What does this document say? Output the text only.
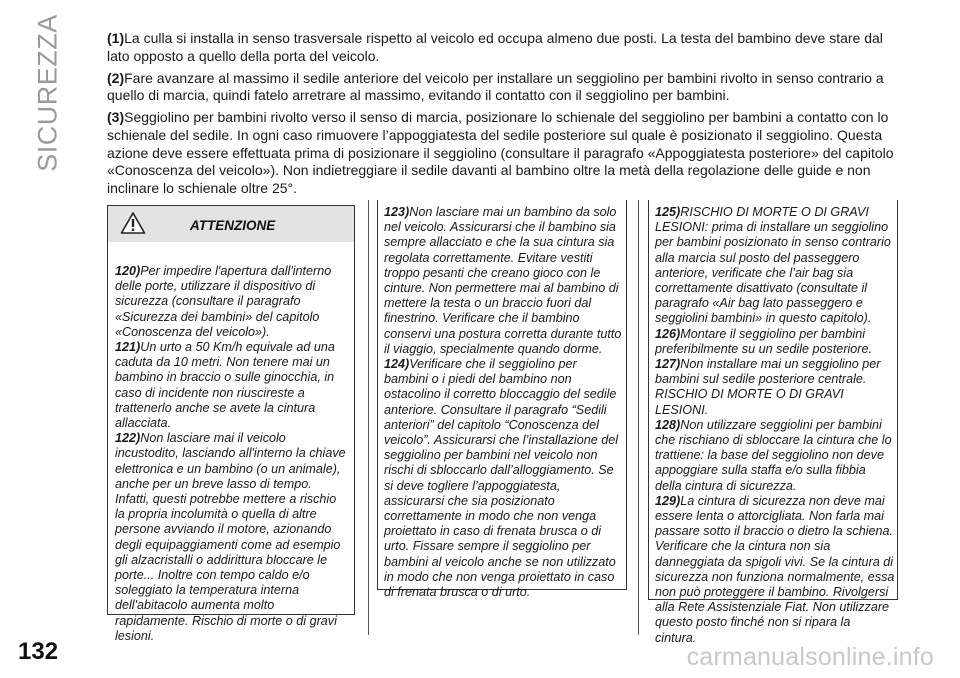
SICUREZZA
132	carmanualsonline.info

(1)La culla si installa in senso trasversale rispetto al veicolo ed occupa almeno due posti. La testa del bambino deve stare dal lato opposto a quello della porta del veicolo.

(2)Fare avanzare al massimo il sedile anteriore del veicolo per installare un seggiolino per bambini rivolto in senso contrario a quello di marcia, quindi fatelo arretrare al massimo, evitando il contatto con il seggiolino per bambini.

(3)Seggiolino per bambini rivolto verso il senso di marcia, posizionare lo schienale del seggiolino per bambini a contatto con lo schienale del sedile. In ogni caso rimuovere l’appoggiatesta del sedile posteriore sul quale è posizionato il seggiolino. Questa azione deve essere effettuata prima di posizionare il seggiolino (consultare il paragrafo «Appoggiatesta posteriore» del capitolo «Conoscenza del veicolo»). Non indietreggiare il sedile davanti al bambino oltre la metà della regolazione delle guide e non inclinare lo schienale oltre 25°.

ATTENZIONE

120)Per impedire l'apertura dall'interno delle porte, utilizzare il dispositivo di sicurezza (consultare il paragrafo «Sicurezza dei bambini» del capitolo «Conoscenza del veicolo»).

121)Un urto a 50 Km/h equivale ad una caduta da 10 metri. Non tenere mai un bambino in braccio o sulle ginocchia, in caso di incidente non riuscireste a trattenerlo anche se avete la cintura allacciata.

122)Non lasciare mai il veicolo incustodito, lasciando all'interno la chiave elettronica e un bambino (o un animale), anche per un breve lasso di tempo. Infatti, questi potrebbe mettere a rischio la propria incolumità o quella di altre persone avviando il motore, azionando degli equipaggiamenti come ad esempio gli alzacristalli o addirittura bloccare le porte... Inoltre con tempo caldo e/o soleggiato la temperatura interna dell'abitacolo aumenta molto rapidamente. Rischio di morte o di gravi lesioni.

123)Non lasciare mai un bambino da solo nel veicolo. Assicurarsi che il bambino sia sempre allacciato e che la sua cintura sia regolata correttamente. Evitare vestiti troppo pesanti che creano gioco con le cinture. Non permettere mai al bambino di mettere la testa o un braccio fuori dal finestrino. Verificare che il bambino conservi una postura corretta durante tutto il viaggio, specialmente quando dorme.

124)Verificare che il seggiolino per bambini o i piedi del bambino non ostacolino il corretto bloccaggio del sedile anteriore. Consultare il paragrafo “Sedili anteriori” del capitolo “Conoscenza del veicolo”. Assicurarsi che l’installazione del seggiolino per bambini nel veicolo non rischi di sbloccarlo dall’alloggiamento. Se si deve togliere l’appoggiatesta, assicurarsi che sia posizionato correttamente in modo che non venga proiettato in caso di frenata brusca o di urto. Fissare sempre il seggiolino per bambini al veicolo anche se non utilizzato in modo che non venga proiettato in caso di frenata brusca o di urto.

125)RISCHIO DI MORTE O DI GRAVI LESIONI: prima di installare un seggiolino per bambini posizionato in senso contrario alla marcia sul posto del passeggero anteriore, verificate che l’air bag sia correttamente disattivato (consultate il paragrafo «Air bag lato passeggero e seggiolini bambini» in questo capitolo).

126)Montare il seggiolino per bambini preferibilmente su un sedile posteriore.

127)Non installare mai un seggiolino per bambini sul sedile posteriore centrale. RISCHIO DI MORTE O DI GRAVI LESIONI.

128)Non utilizzare seggiolini per bambini che rischiano di sbloccare la cintura che lo trattiene: la base del seggiolino non deve appoggiare sulla staffa e/o sulla fibbia della cintura di sicurezza.

129)La cintura di sicurezza non deve mai essere lenta o attorcigliata. Non farla mai passare sotto il braccio o dietro la schiena. Verificare che la cintura non sia danneggiata da spigoli vivi. Se la cintura di sicurezza non funziona normalmente, essa non può proteggere il bambino. Rivolgersi alla Rete Assistenziale Fiat. Non utilizzare questo posto finché non si ripara la cintura.
